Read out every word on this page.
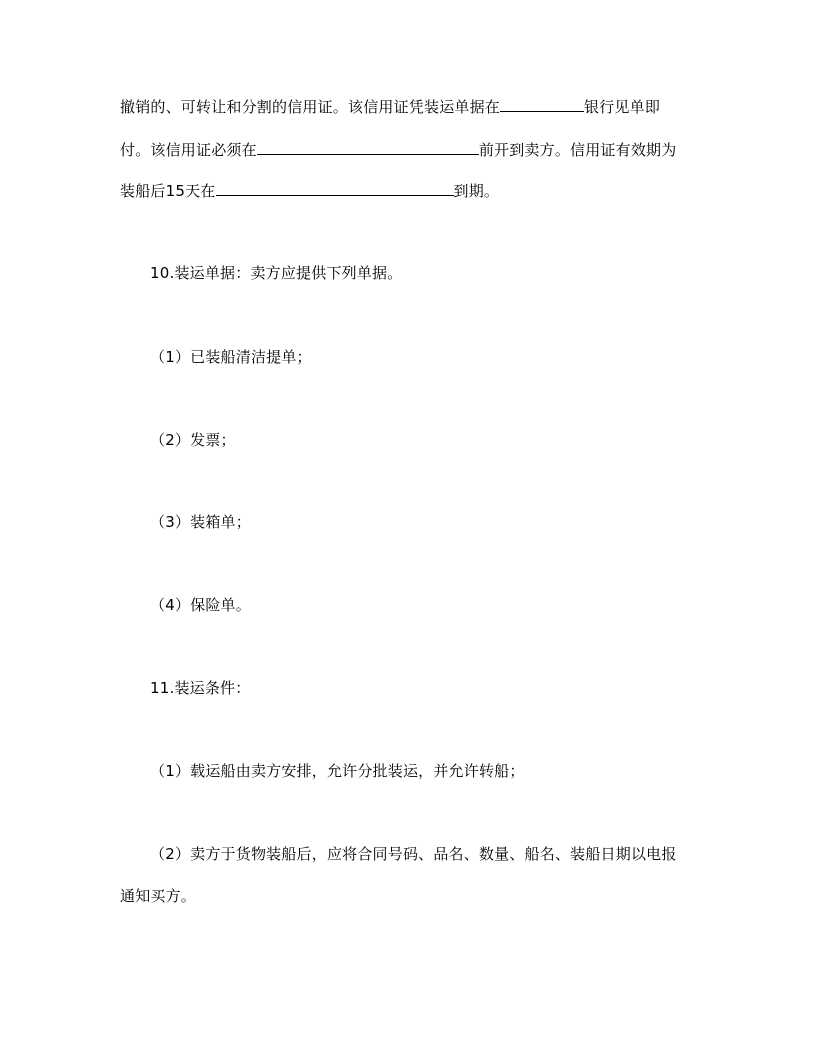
撤销的、可转让和分割的信用证。该信用证凭装运单据在	银行见单即
付。该信用证必须在	前开到卖方。信用证有效期为
装船后15天在	到期。
10.装运单据：卖方应提供下列单据。
（1）已装船清洁提单；
（2）发票；
（3）装箱单；
（4）保险单。
11.装运条件：
（1）载运船由卖方安排，允许分批装运，并允许转船；
（2）卖方于货物装船后，应将合同号码、品名、数量、船名、装船日期以电报
通知买方。
